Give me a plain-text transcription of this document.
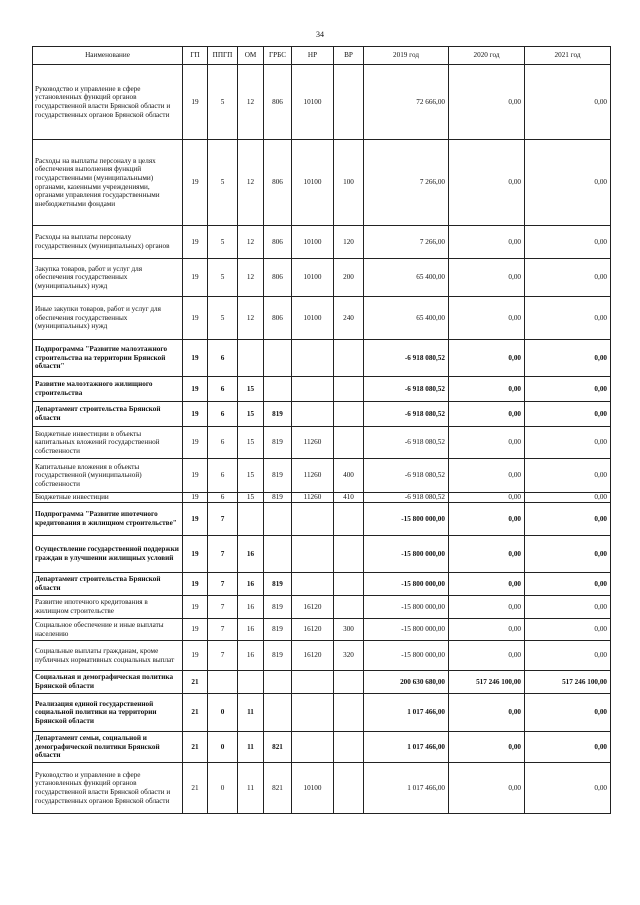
34
Наименование	ГП	ППГП	ОМ	ГРБС	НР	ВР	2019 год	2020 год	2021 год
Руководство и управление в сфере установленных функций органов государственной власти Брянской области и государственных органов Брянской области	19	5	12	806	10100		72 666,00	0,00	0,00
Расходы на выплаты персоналу в целях обеспечения выполнения функций государственными (муниципальными) органами, казенными учреждениями, органами управления государственными внебюджетными фондами	19	5	12	806	10100	100	7 266,00	0,00	0,00
Расходы на выплаты персоналу государственных (муниципальных) органов	19	5	12	806	10100	120	7 266,00	0,00	0,00
Закупка товаров, работ и услуг для обеспечения государственных (муниципальных) нужд	19	5	12	806	10100	200	65 400,00	0,00	0,00
Иные закупки товаров, работ и услуг для обеспечения государственных (муниципальных) нужд	19	5	12	806	10100	240	65 400,00	0,00	0,00
Подпрограмма "Развитие малоэтажного строительства на территории Брянской области"	19	6					-6 918 080,52	0,00	0,00
Развитие малоэтажного жилищного строительства	19	6	15				-6 918 080,52	0,00	0,00
Департамент строительства Брянской области	19	6	15	819			-6 918 080,52	0,00	0,00
Бюджетные инвестиции в объекты капитальных вложений государственной собственности	19	6	15	819	11260		-6 918 080,52	0,00	0,00
Капитальные вложения в объекты государственной (муниципальной) собственности	19	6	15	819	11260	400	-6 918 080,52	0,00	0,00
Бюджетные инвестиции	19	6	15	819	11260	410	-6 918 080,52	0,00	0,00
Подпрограмма "Развитие ипотечного кредитования в жилищном строительстве"	19	7					-15 800 000,00	0,00	0,00
Осуществление государственной поддержки граждан в улучшении жилищных условий	19	7	16				-15 800 000,00	0,00	0,00
Департамент строительства Брянской области	19	7	16	819			-15 800 000,00	0,00	0,00
Развитие ипотечного кредитования в жилищном строительстве	19	7	16	819	16120		-15 800 000,00	0,00	0,00
Социальное обеспечение и иные выплаты населению	19	7	16	819	16120	300	-15 800 000,00	0,00	0,00
Социальные выплаты гражданам, кроме публичных нормативных социальных выплат	19	7	16	819	16120	320	-15 800 000,00	0,00	0,00
Социальная и демографическая политика Брянской области	21						200 630 680,00	517 246 100,00	517 246 100,00
Реализация единой государственной социальной политики на территории Брянской области	21	0	11				1 017 466,00	0,00	0,00
Департамент семьи, социальной и демографической политики Брянской области	21	0	11	821			1 017 466,00	0,00	0,00
Руководство и управление в сфере установленных функций органов государственной власти Брянской области и государственных органов Брянской области	21	0	11	821	10100		1 017 466,00	0,00	0,00
